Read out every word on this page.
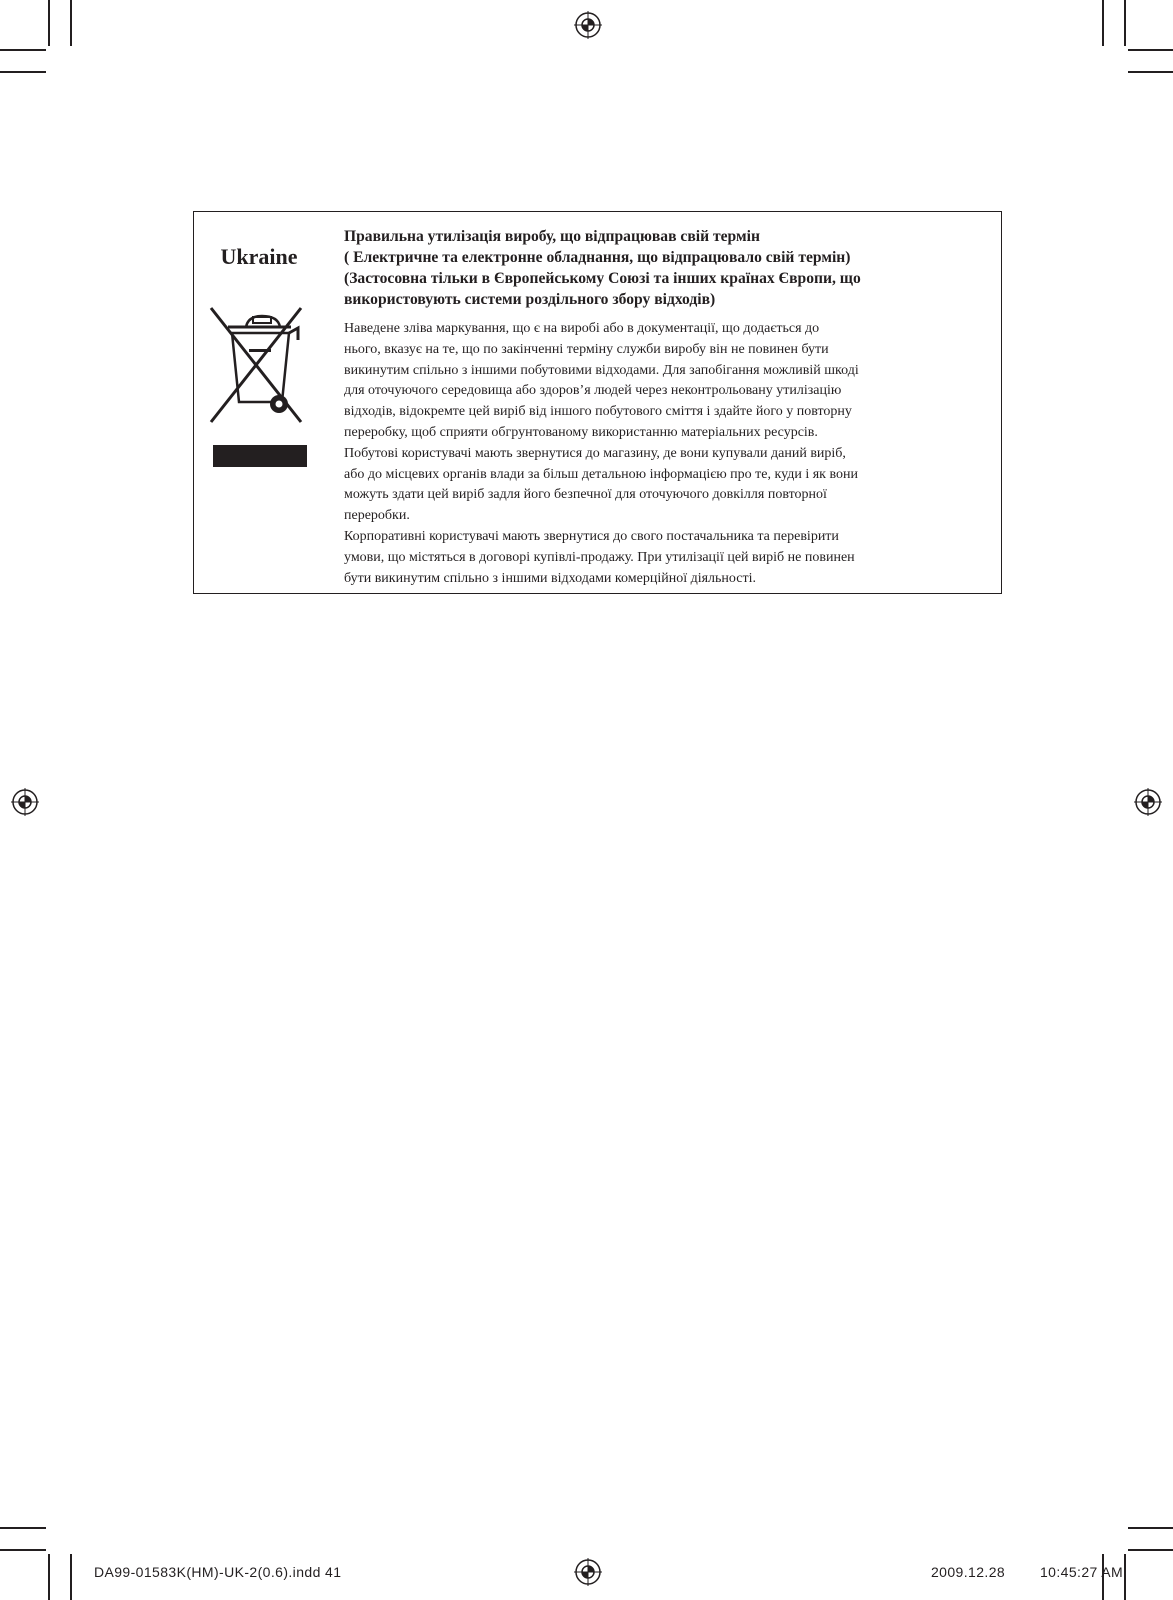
Ukraine
Правильна утилізація виробу, що відпрацював свій термін
( Електричне та електронне обладнання, що відпрацювало свій термін)
(Застосовна тільки в Європейському Союзі та інших країнах Європи, що
використовують системи роздільного збору відходів)
Наведене зліва маркування, що є на виробі або в документації, що додається до
нього, вказує на те, що по закінченні терміну служби виробу він не повинен бути
викинутим спільно з іншими побутовими відходами. Для запобігання можливій шкоді
для оточуючого середовища або здоров’я людей через неконтрольовану утилізацію
відходів, відокремте цей виріб від іншого побутового сміття і здайте його у повторну
переробку, щоб сприяти обгрунтованому використанню матеріальних ресурсів.
Побутові користувачі мають звернутися до магазину, де вони купували даний виріб,
або до місцевих органів влади за більш детальною інформацією про те, куди і як вони
можуть здати цей виріб задля його безпечної для оточуючого довкілля повторної
переробки.
Корпоративні користувачі мають звернутися до свого постачальника та перевірити
умови, що містяться в договорі купівлі-продажу. При утилізації цей виріб не повинен
бути викинутим спільно з іншими відходами комерційної діяльності.
DA99-01583K(HM)-UK-2(0.6).indd 41	2009.12.28 10:45:27 AM
